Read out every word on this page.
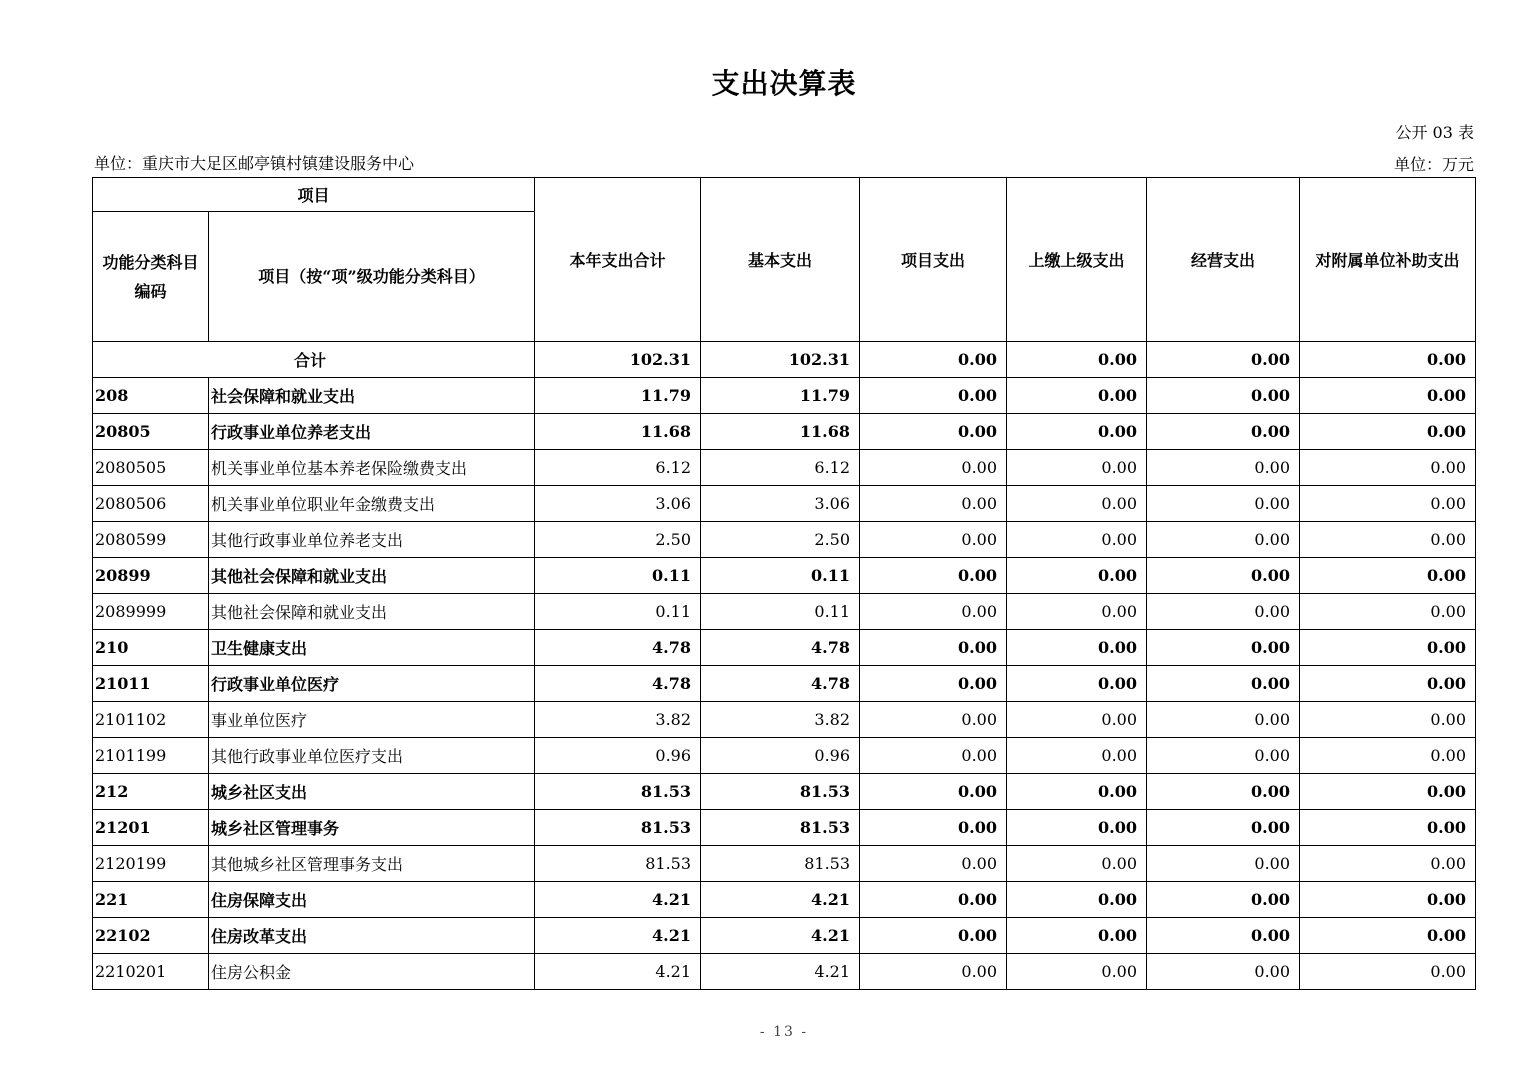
支出决算表
公开 03 表
单位：重庆市大足区邮亭镇村镇建设服务中心	单位：万元
项目		本年支出合计	基本支出	项目支出	上缴上级支出	经营支出	对附属单位补助支出
功能分类科目编码	项目（按“项”级功能分类科目）						
合计		102.31	102.31	0.00	0.00	0.00	0.00
208	社会保障和就业支出	11.79	11.79	0.00	0.00	0.00	0.00
20805	行政事业单位养老支出	11.68	11.68	0.00	0.00	0.00	0.00
2080505	机关事业单位基本养老保险缴费支出	6.12	6.12	0.00	0.00	0.00	0.00
2080506	机关事业单位职业年金缴费支出	3.06	3.06	0.00	0.00	0.00	0.00
2080599	其他行政事业单位养老支出	2.50	2.50	0.00	0.00	0.00	0.00
20899	其他社会保障和就业支出	0.11	0.11	0.00	0.00	0.00	0.00
2089999	其他社会保障和就业支出	0.11	0.11	0.00	0.00	0.00	0.00
210	卫生健康支出	4.78	4.78	0.00	0.00	0.00	0.00
21011	行政事业单位医疗	4.78	4.78	0.00	0.00	0.00	0.00
2101102	事业单位医疗	3.82	3.82	0.00	0.00	0.00	0.00
2101199	其他行政事业单位医疗支出	0.96	0.96	0.00	0.00	0.00	0.00
212	城乡社区支出	81.53	81.53	0.00	0.00	0.00	0.00
21201	城乡社区管理事务	81.53	81.53	0.00	0.00	0.00	0.00
2120199	其他城乡社区管理事务支出	81.53	81.53	0.00	0.00	0.00	0.00
221	住房保障支出	4.21	4.21	0.00	0.00	0.00	0.00
22102	住房改革支出	4.21	4.21	0.00	0.00	0.00	0.00
2210201	住房公积金	4.21	4.21	0.00	0.00	0.00	0.00
- 13 -
